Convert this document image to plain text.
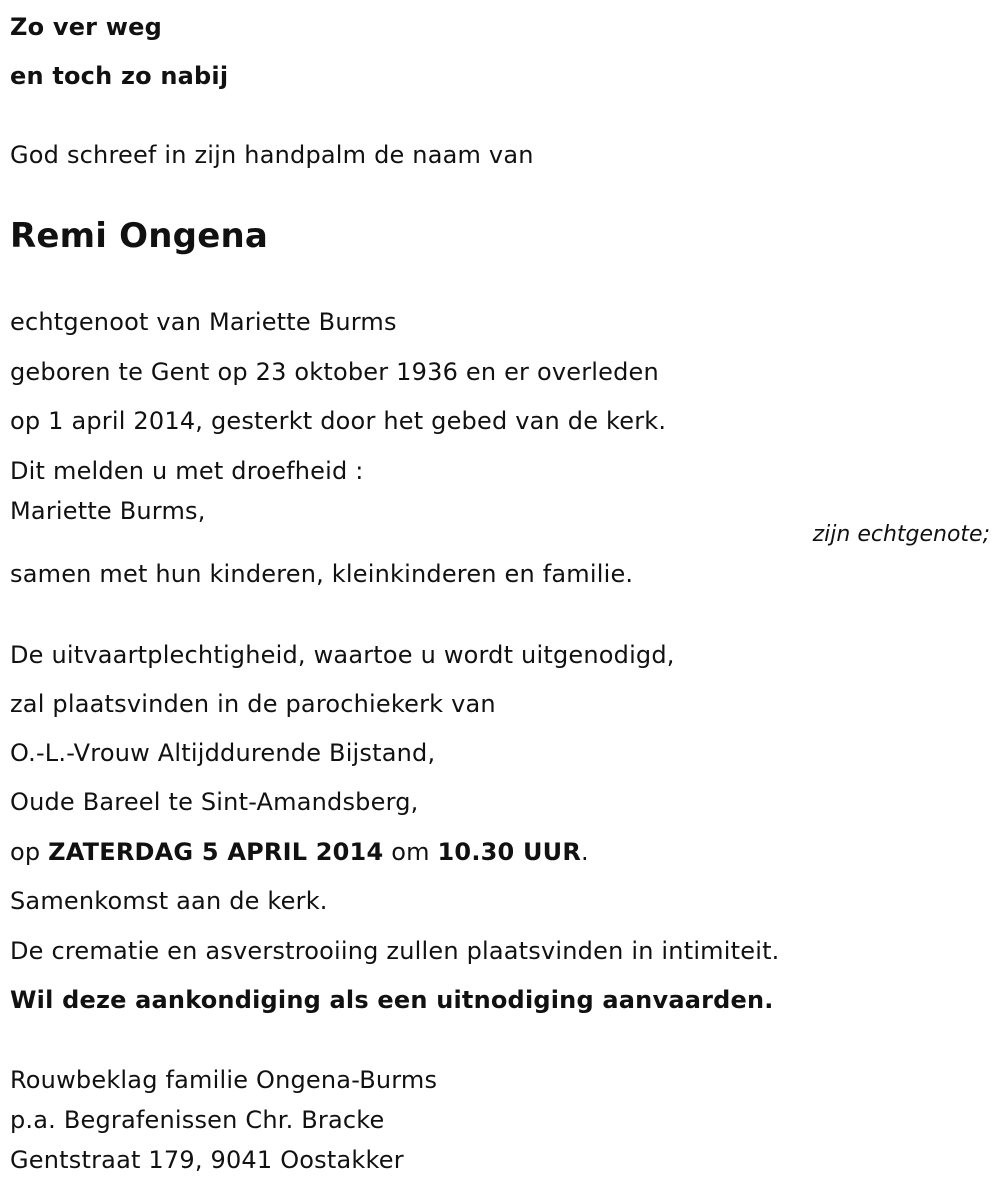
Zo ver weg
en toch zo nabij
God schreef in zijn handpalm de naam van
Remi Ongena
echtgenoot van Mariette Burms
geboren te Gent op 23 oktober 1936 en er overleden
op 1 april 2014, gesterkt door het gebed van de kerk.
Dit melden u met droefheid :
Mariette Burms,
zijn echtgenote;
samen met hun kinderen, kleinkinderen en familie.
De uitvaartplechtigheid, waartoe u wordt uitgenodigd,
zal plaatsvinden in de parochiekerk van
O.-L.-Vrouw Altijddurende Bijstand,
Oude Bareel te Sint-Amandsberg,
op ZATERDAG 5 APRIL 2014 om 10.30 UUR.
Samenkomst aan de kerk.
De crematie en asverstrooiing zullen plaatsvinden in intimiteit.
Wil deze aankondiging als een uitnodiging aanvaarden.
Rouwbeklag familie Ongena-Burms
p.a. Begrafenissen Chr. Bracke
Gentstraat 179, 9041 Oostakker
